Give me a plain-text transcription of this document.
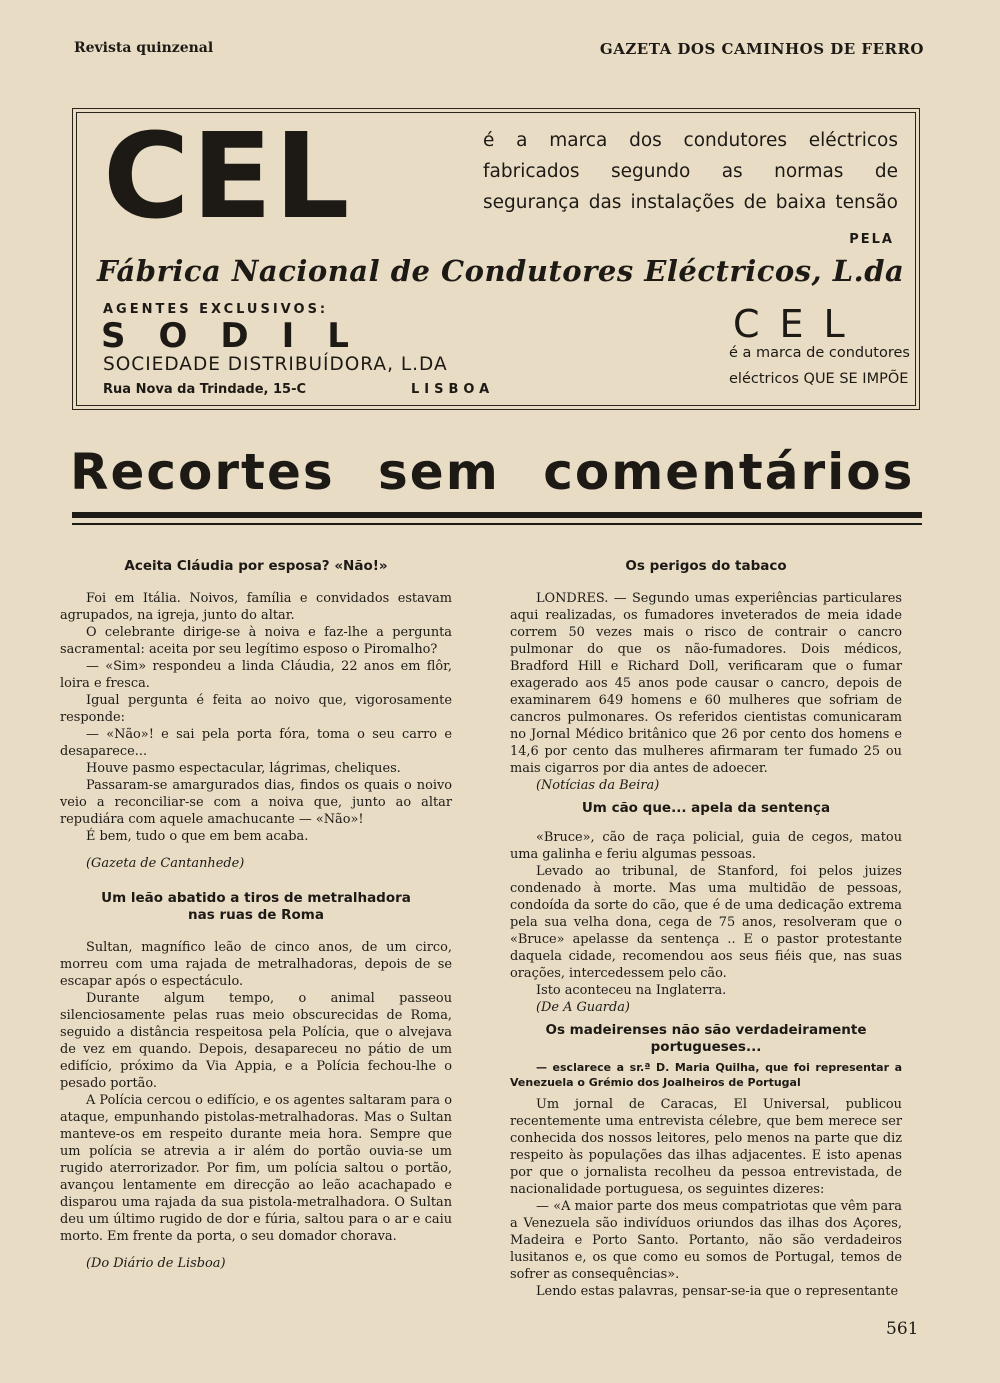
Revista quinzenal	GAZETA DOS CAMINHOS DE FERRO
CEL	é a marca dos condutores eléctricos fabricados segundo as normas de segurança das instalações de baixa tensão
PELA
Fábrica Nacional de Condutores Eléctricos, L.da
AGENTES EXCLUSIVOS:
SODIL
SOCIEDADE DISTRIBUÍDORA, L.DA
Rua Nova da Trindade, 15-C	LISBOA
CEL
é a marca de condutores
eléctricos QUE SE IMPÕE
Recortes sem comentários
Aceita Cláudia por esposa? «Não!»

Foi em Itália. Noivos, família e convidados estavam agrupados, na igreja, junto do altar.

O celebrante dirige-se à noiva e faz-lhe a pergunta sacramental: aceita por seu legítimo esposo o Piromalho?

— «Sim» respondeu a linda Cláudia, 22 anos em flôr, loira e fresca.

Igual pergunta é feita ao noivo que, vigorosamente responde:

— «Não»! e sai pela porta fóra, toma o seu carro e desaparece...

Houve pasmo espectacular, lágrimas, cheliques.

Passaram-se amargurados dias, findos os quais o noivo veio a reconciliar-se com a noiva que, junto ao altar repudiára com aquele amachucante — «Não»!

É bem, tudo o que em bem acaba.

(Gazeta de Cantanhede)

Um leão abatido a tiros de metralhadora
nas ruas de Roma

Sultan, magnífico leão de cinco anos, de um circo, morreu com uma rajada de metralhadoras, depois de se escapar após o espectáculo.

Durante algum tempo, o animal passeou silenciosamente pelas ruas meio obscurecidas de Roma, seguido a distância respeitosa pela Polícia, que o alvejava de vez em quando. Depois, desapareceu no pátio de um edifício, próximo da Via Appia, e a Polícia fechou-lhe o pesado portão.

A Polícia cercou o edifício, e os agentes saltaram para o ataque, empunhando pistolas-metralhadoras. Mas o Sultan manteve-os em respeito durante meia hora. Sempre que um polícia se atrevia a ir além do portão ouvia-se um rugido aterrorizador. Por fim, um polícia saltou o portão, avançou lentamente em direcção ao leão acachapado e disparou uma rajada da sua pistola-metralhadora. O Sultan deu um último rugido de dor e fúria, saltou para o ar e caiu morto. Em frente da porta, o seu domador chorava.

(Do Diário de Lisboa)

Os perigos do tabaco

LONDRES. — Segundo umas experiências particulares aqui realizadas, os fumadores inveterados de meia idade correm 50 vezes mais o risco de contrair o cancro pulmonar do que os não-fumadores. Dois médicos, Bradford Hill e Richard Doll, verificaram que o fumar exagerado aos 45 anos pode causar o cancro, depois de examinarem 649 homens e 60 mulheres que sofriam de cancros pulmonares. Os referidos cientistas comunicaram no Jornal Médico britânico que 26 por cento dos homens e 14,6 por cento das mulheres afirmaram ter fumado 25 ou mais cigarros por dia antes de adoecer.

(Notícias da Beira)

Um cão que... apela da sentença

«Bruce», cão de raça policial, guia de cegos, matou uma galinha e feriu algumas pessoas.

Levado ao tribunal, de Stanford, foi pelos juizes condenado à morte. Mas uma multidão de pessoas, condoída da sorte do cão, que é de uma dedicação extrema pela sua velha dona, cega de 75 anos, resolveram que o «Bruce» apelasse da sentença .. E o pastor protestante daquela cidade, recomendou aos seus fiéis que, nas suas orações, intercedessem pelo cão.

Isto aconteceu na Inglaterra.

(De A Guarda)

Os madeirenses não são verdadeiramente portugueses...

— esclarece a sr.ª D. Maria Quilha, que foi representar a Venezuela o Grémio dos Joalheiros de Portugal

Um jornal de Caracas, El Universal, publicou recentemente uma entrevista célebre, que bem merece ser conhecida dos nossos leitores, pelo menos na parte que diz respeito às populações das ilhas adjacentes. E isto apenas por que o jornalista recolheu da pessoa entrevistada, de nacionalidade portuguesa, os seguintes dizeres:

— «A maior parte dos meus compatriotas que vêm para a Venezuela são indivíduos oriundos das ilhas dos Açores, Madeira e Porto Santo. Portanto, não são verdadeiros lusitanos e, os que como eu somos de Portugal, temos de sofrer as consequências».

Lendo estas palavras, pensar-se-ia que o representante

561
